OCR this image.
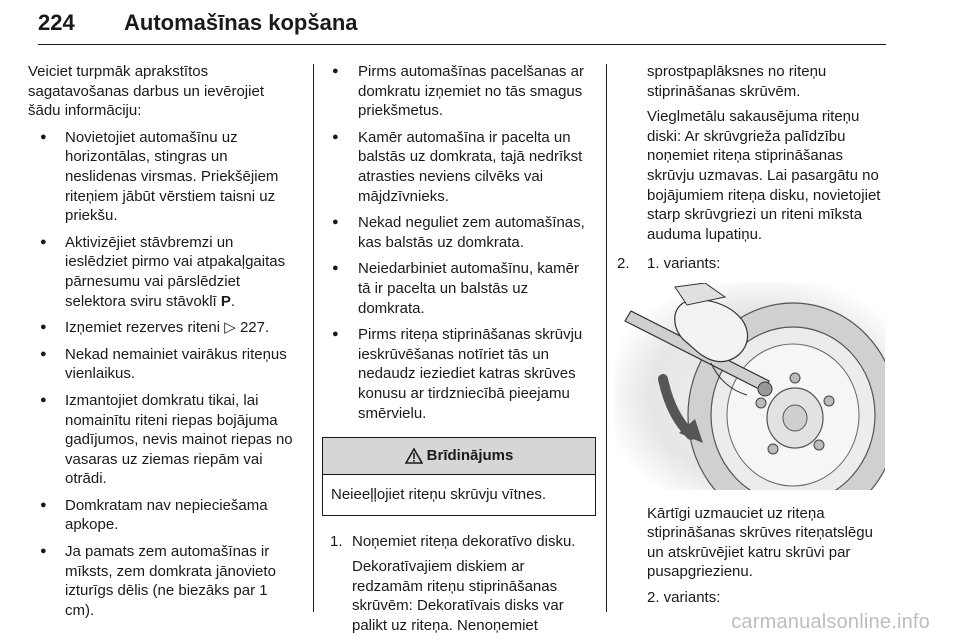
224 Automašīnas kopšana

Veiciet turpmāk aprakstītos sagatavošanas darbus un ievērojiet šādu informāciju:

● Novietojiet automašīnu uz horizontālas, stingras un neslidenas virsmas. Priekšējiem riteņiem jābūt vērstiem taisni uz priekšu.
● Aktivizējiet stāvbremzi un ieslēdziet pirmo vai atpakaļgaitas pārnesumu vai pārslēdziet selektora sviru stāvoklī P.
● Izņemiet rezerves riteni ▷ 227.
● Nekad nemainiet vairākus riteņus vienlaikus.
● Izmantojiet domkratu tikai, lai nomainītu riteni riepas bojājuma gadījumos, nevis mainot riepas no vasaras uz ziemas riepām vai otrādi.
● Domkratam nav nepieciešama apkope.
● Ja pamats zem automašīnas ir mīksts, zem domkrata jānovieto izturīgs dēlis (ne biezāks par 1 cm).
● Pirms automašīnas pacelšanas ar domkratu izņemiet no tās smagus priekšmetus.
● Kamēr automašīna ir pacelta un balstās uz domkrata, tajā nedrīkst atrasties neviens cilvēks vai mājdzīvnieks.
● Nekad neguliet zem automašīnas, kas balstās uz domkrata.
● Neiedarbiniet automašīnu, kamēr tā ir pacelta un balstās uz domkrata.
● Pirms riteņa stiprināšanas skrūvju ieskrūvēšanas notīriet tās un nedaudz ieziediet katras skrūves konusu ar tirdzniecībā pieejamu smērvielu.
Brīdinājums
Neieeļļojiet riteņu skrūvju vītnes.
1. Noņemiet riteņa dekoratīvo disku.

Dekoratīvajiem diskiem ar redzamām riteņu stiprināšanas skrūvēm: Dekoratīvais disks var palikt uz riteņa. Nenoņemiet

sprostpaplāksnes no riteņu stiprināšanas skrūvēm.

Vieglmetālu sakausējuma riteņu diski: Ar skrūvgrieža palīdzību noņemiet riteņa stiprināšanas skrūvju uzmavas. Lai pasargātu no bojājumiem riteņa disku, novietojiet starp skrūvgriezi un riteni mīksta auduma lupatiņu.

2. 1. variants:

Kārtīgi uzmauciet uz riteņa stiprināšanas skrūves riteņatslēgu un atskrūvējiet katru skrūvi par pusapgriezienu.

2. variants:

carmanualsonline.info
